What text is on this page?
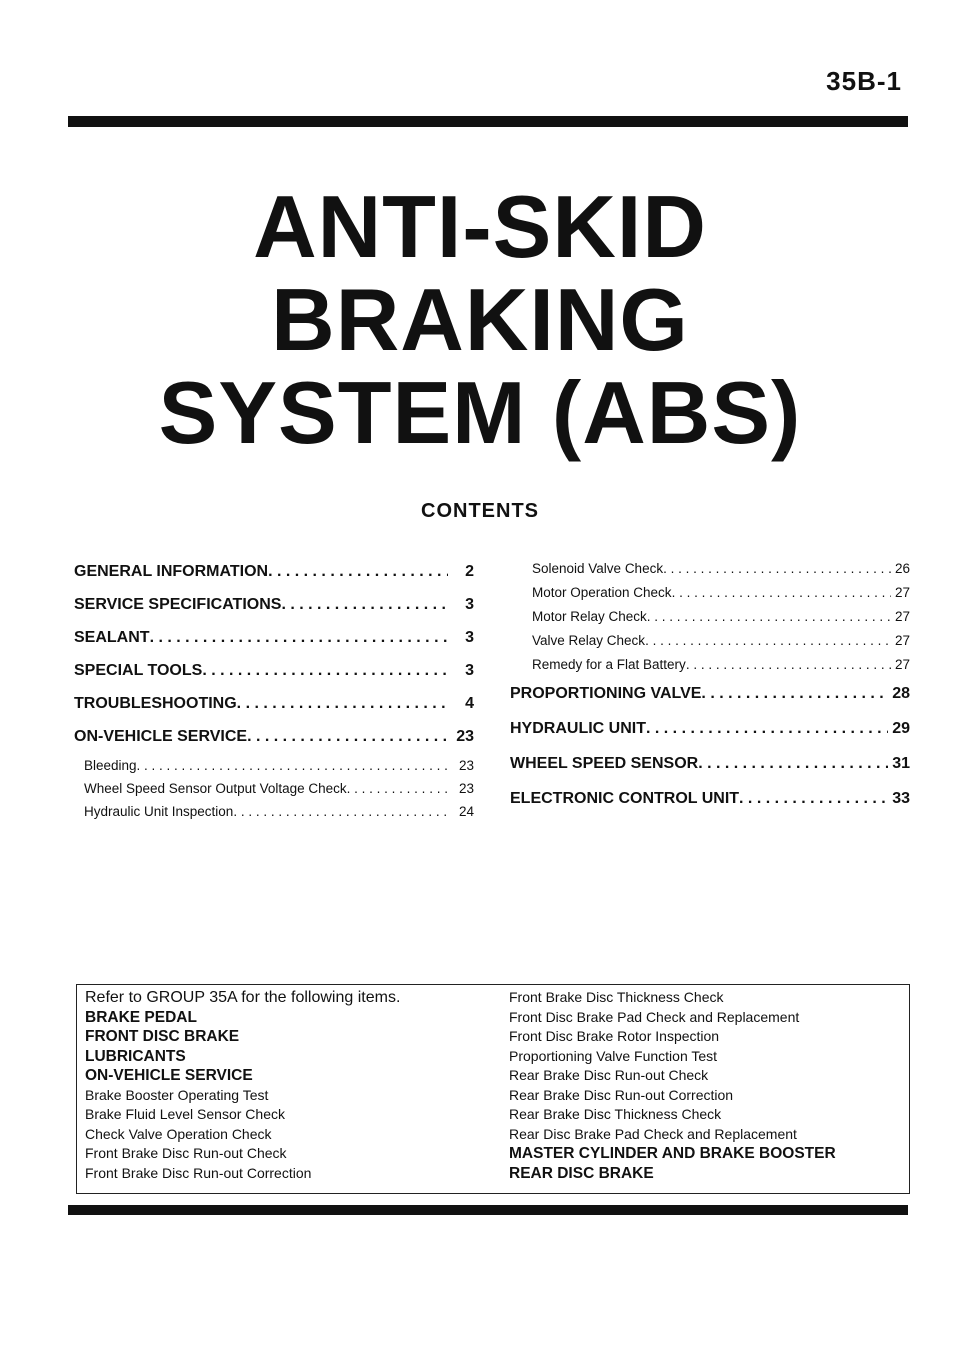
35B-1
ANTI-SKID
BRAKING
SYSTEM (ABS)
CONTENTS
GENERAL INFORMATION . . .	2
SERVICE SPECIFICATIONS . . .	3
SEALANT . . .	3
SPECIAL TOOLS . . .	3
TROUBLESHOOTING . . .	4
ON-VEHICLE SERVICE . . .	23
Bleeding . . .	23
Wheel Speed Sensor Output Voltage Check . . .	23
Hydraulic Unit Inspection . . .	24
Solenoid Valve Check . . .	26
Motor Operation Check . . .	27
Motor Relay Check . . .	27
Valve Relay Check . . .	27
Remedy for a Flat Battery . . .	27
PROPORTIONING VALVE . . .	28
HYDRAULIC UNIT . . .	29
WHEEL SPEED SENSOR . . .	31
ELECTRONIC CONTROL UNIT . . .	33
Refer to GROUP 35A for the following items.
BRAKE PEDAL
FRONT DISC BRAKE
LUBRICANTS
ON-VEHICLE SERVICE
Brake Booster Operating Test
Brake Fluid Level Sensor Check
Check Valve Operation Check
Front Brake Disc Run-out Check
Front Brake Disc Run-out Correction
Front Brake Disc Thickness Check
Front Disc Brake Pad Check and Replacement
Front Disc Brake Rotor Inspection
Proportioning Valve Function Test
Rear Brake Disc Run-out Check
Rear Brake Disc Run-out Correction
Rear Brake Disc Thickness Check
Rear Disc Brake Pad Check and Replacement
MASTER CYLINDER AND BRAKE BOOSTER
REAR DISC BRAKE
